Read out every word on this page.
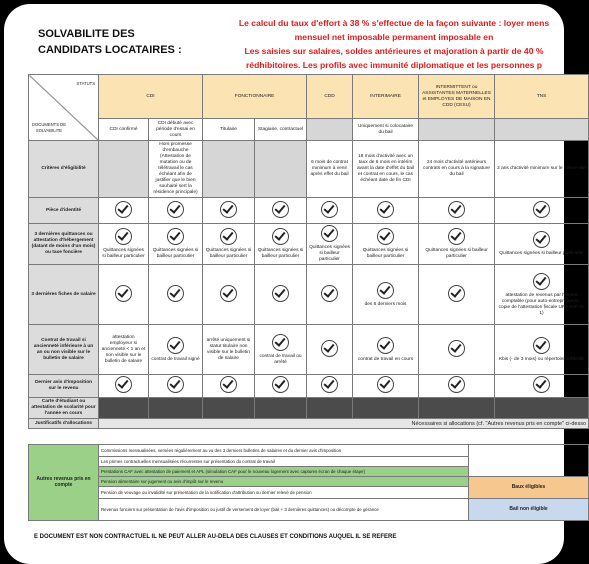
SOLVABILITE DES
CANDIDATS LOCATAIRES :
Le calcul du taux d'effort à 38 % s'effectue de la façon suivante : loyer mens
mensuel net imposable permanent imposable en
Les saisies sur salaires, soldes antérieures et majoration à partir de 40 %
rédhibitoires. Les profils avec immunité diplomatique et les personnes p
STATUTS
DOCUMENTS DE SOLVABILITE	CDI		FONCTIONNAIRE		CDD	INTERIMAIRE	INTERMITTENT ou ASSISTANTES MATERNELLES et EMPLOYES DE MAISON EN CDD (CESU)	TNS
	CDI confirmé	CDI débuté avec période d'essai en cours	Titulaire	Stagiaire, contractuel		Uniquement si colocataire du bail		
Critères d'éligibilité		Hors promesse d'embauche (Attestation de mutation ou de télétravail le cas échéant afin de justifier que le bien souhaité sert la résidence principale)			6 mois de contrat minimum à venir après effet du bail	18 mois d'activité avec un taux de 6 mois en intérim avant la date d'effet du bail et contrat en cours, le cas échéant date de fin CDI	24 mois d'activité antérieurs contrats en cours à la signature du bail	2 ans d'activité minimum sur le même site
Pièce d'identité								
3 dernières quittances ou attestation d'hébergement (datant de moins d'un mois) ou taxe foncière	Quittances signées si bailleur particulier	Quittances signées si bailleur particulier	Quittances signées si bailleur particulier	Quittances signées si bailleur particulier	Quittances signées si bailleur particulier	Quittances signées si bailleur particulier	Quittances signées si bailleur particulier	Quittances signées si bailleur particulier

3 dernières fiches de salaire						des 6 derniers mois		attestation de revenus par l'expert comptable (pour auto-entrepreneurs : copie de l'attestation fiscale URSSAF N-1)

Contrat de travail si ancienneté inférieure à un an ou non visible sur le bulletin de salaire	attestation employeur si ancienneté < 1 an et non visible sur le bulletin de salaire	contrat de travail signé	arrêté uniquement si statut titulaire non visible sur le bulletin de salaire	contrat de travail ou arrêté		contrat de travail en cours		Kbis (- de 3 mois) ou répertoire SIRENE

Dernier avis d'imposition sur le revenu								
Carte d'étudiant ou attestation de scolarité pour l'année en cours								
Justificatifs d'allocations	Nécessaires si allocations (cf. "Autres revenus pris en compte" ci-desso							
Autres revenus pris en compte	Commissions mensualisées, versées régulièrement au vu des 3 derniers bulletins de salaires et du dernier avis d'imposition	
	Les primes contractuelles mensualisées récurrentes sur présentation du contrat de travail	
	Prestations CAF avec attestation de paiement et APL (simulation CAF pour le nouveau logement avec captures écran de chaque étape)	
	Pension alimentaire sur jugement ou avis d'impôt sur le revenu	Baux éligibles
	Pension de veuvage ou invalidité sur présentation de la notification d'attribution ou dernier relevé de pension	
	Revenus fonciers sur présentation de l'avis d'imposition ou justif de versement de loyer (bail + 3 dernières quittances) ou décompte de gérance	Bail non éligible
E DOCUMENT EST NON CONTRACTUEL IL NE PEUT ALLER AU-DELA DES CLAUSES ET CONDITIONS AUQUEL IL SE REFERE
